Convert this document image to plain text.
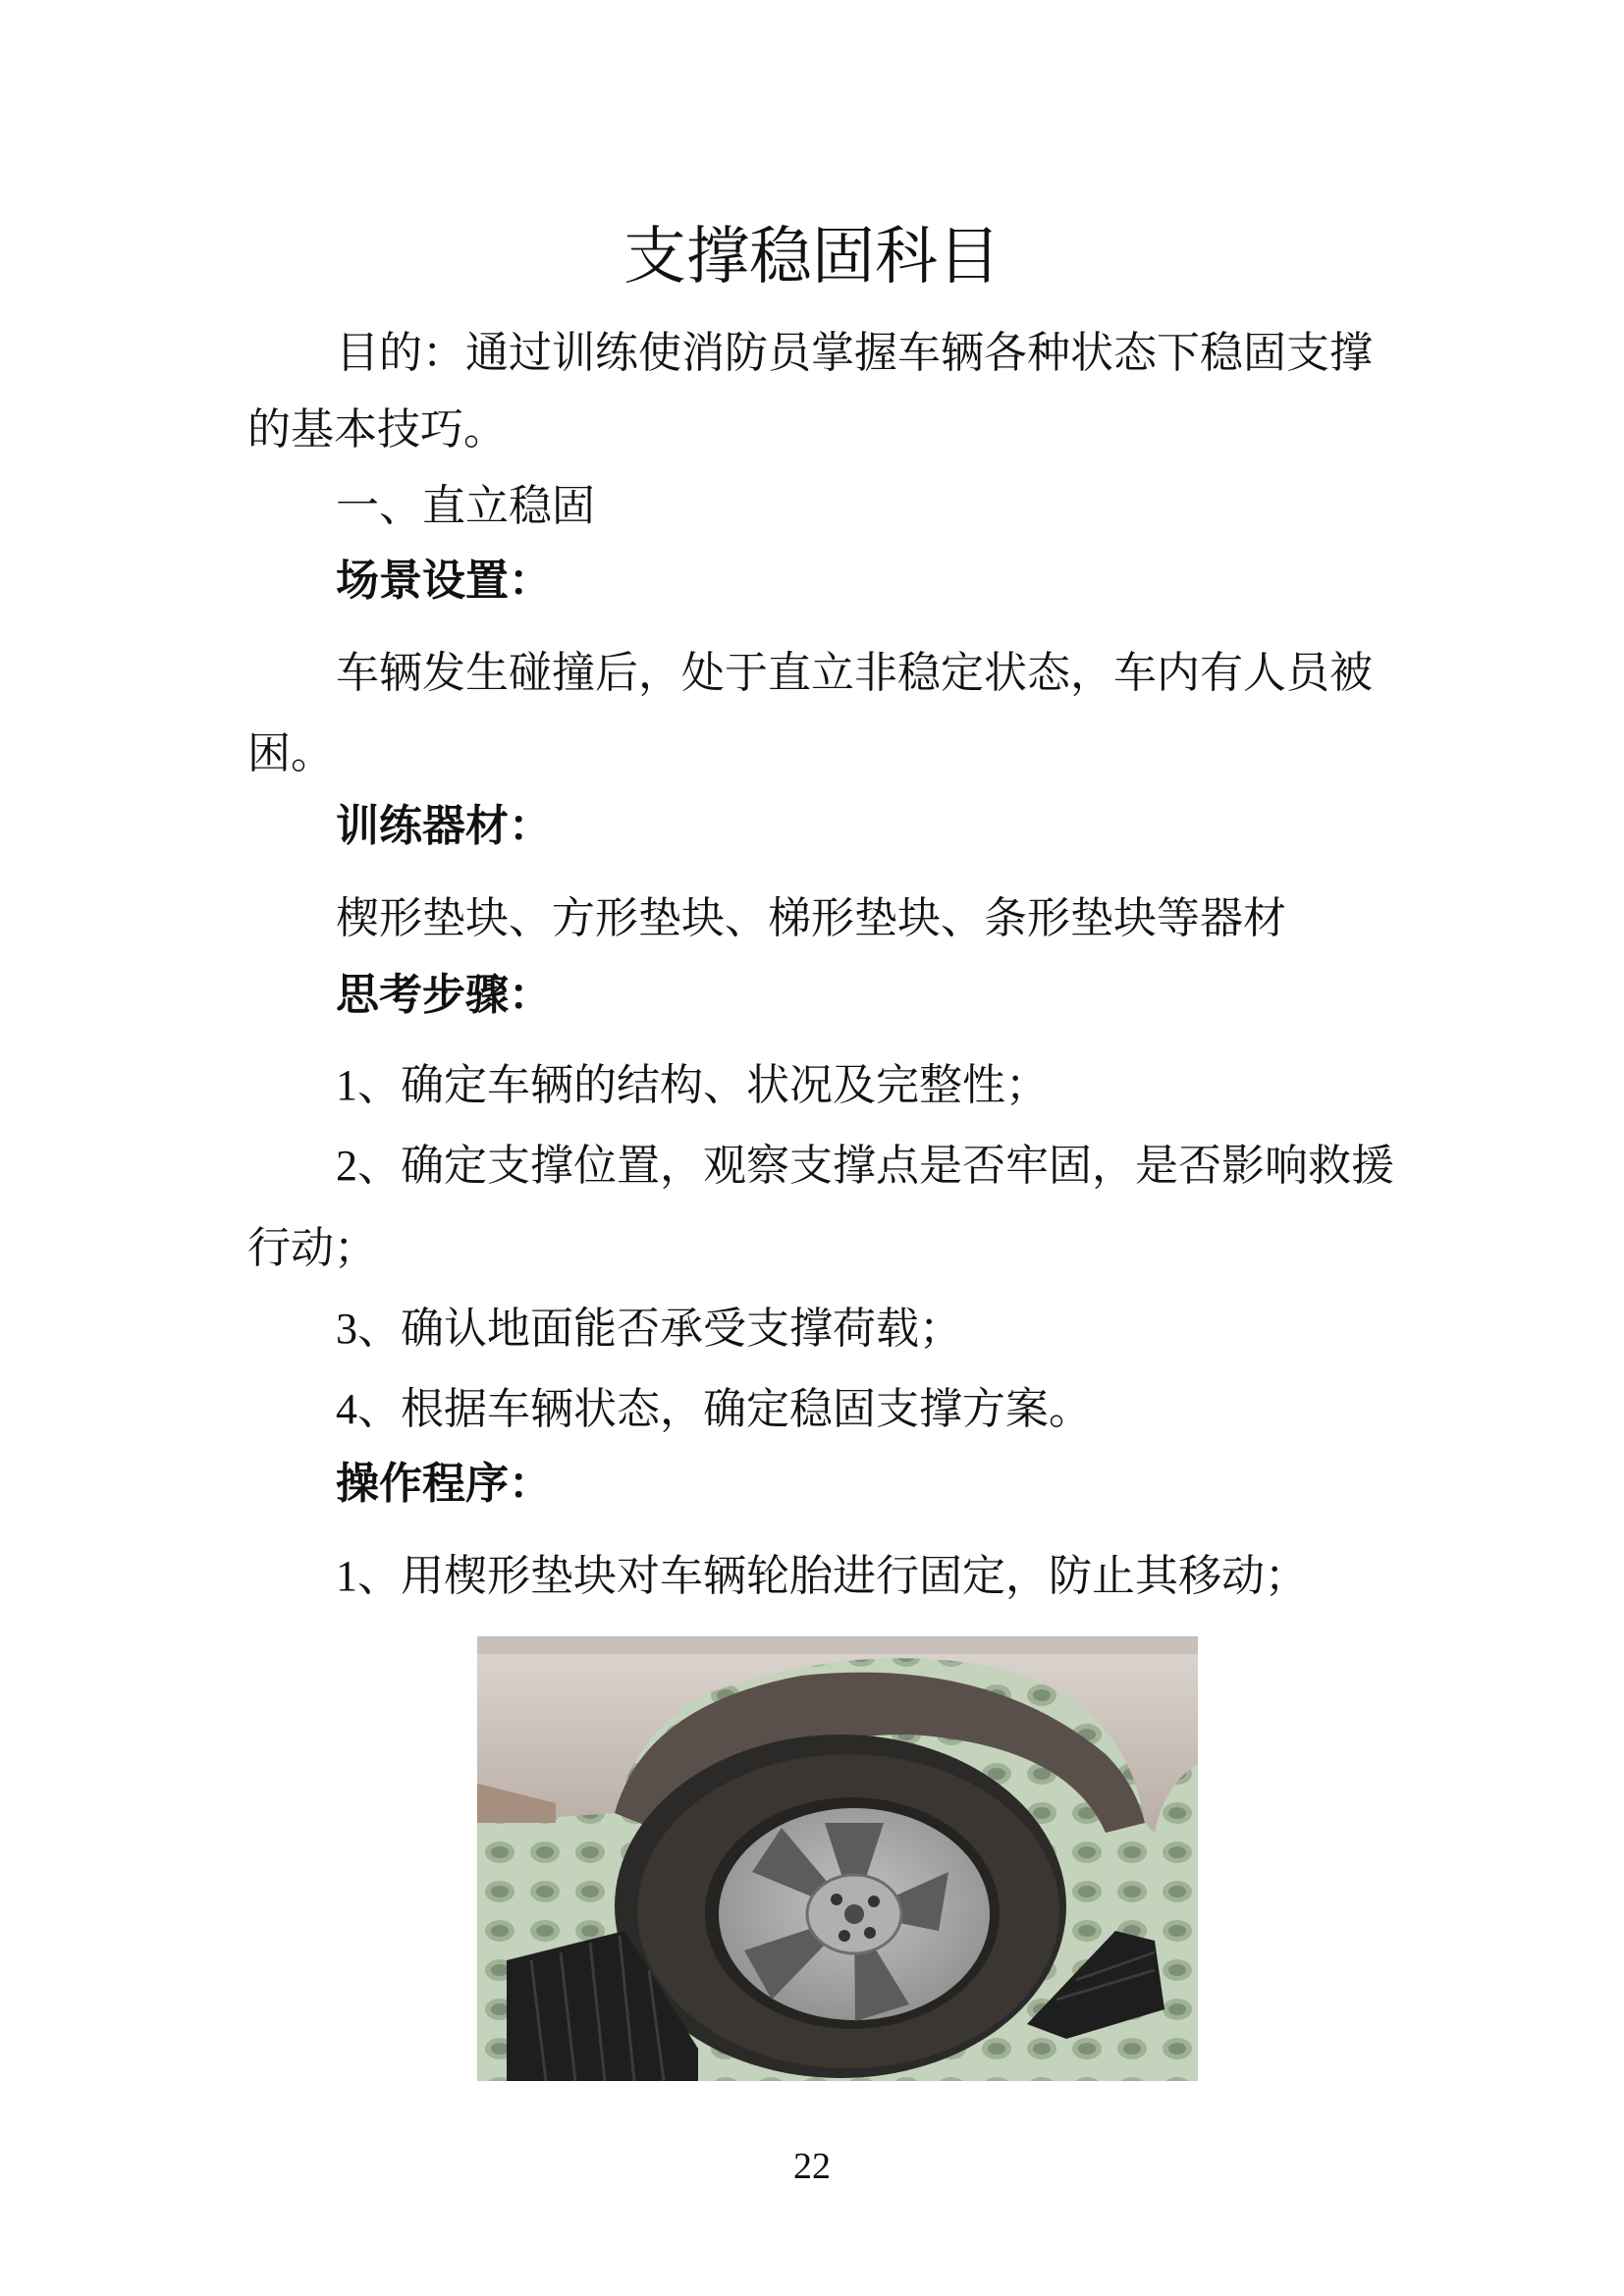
支撑稳固科目
目的：通过训练使消防员掌握车辆各种状态下稳固支撑
的基本技巧。
一、直立稳固
场景设置：
车辆发生碰撞后，处于直立非稳定状态，车内有人员被
困。
训练器材：
楔形垫块、方形垫块、梯形垫块、条形垫块等器材
思考步骤：
1、确定车辆的结构、状况及完整性；
2、确定支撑位置，观察支撑点是否牢固，是否影响救援
行动；
3、确认地面能否承受支撑荷载；
4、根据车辆状态，确定稳固支撑方案。
操作程序：
1、用楔形垫块对车辆轮胎进行固定，防止其移动；
22
